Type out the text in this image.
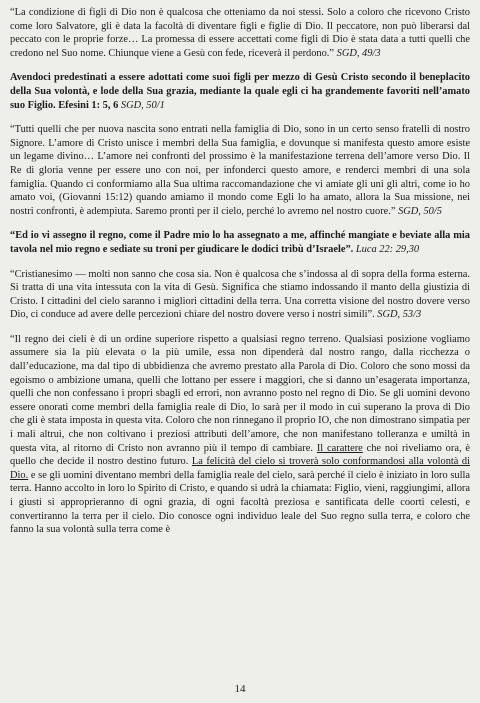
“La condizione di figli di Dio non è qualcosa che otteniamo da noi stessi. Solo a coloro che ricevono Cristo come loro Salvatore, gli è data la facoltà di diventare figli e figlie di Dio. Il peccatore, non può liberarsi dal peccato con le proprie forze… La promessa di essere accettati come figli di Dio è stata data a tutti quelli che credono nel Suo nome. Chiunque viene a Gesù con fede, riceverà il perdono.” SGD, 49/3

Avendoci predestinati a essere adottati come suoi figli per mezzo di Gesù Cristo secondo il beneplacito della Sua volontà, e lode della Sua grazia, mediante la quale egli ci ha grandemente favoriti nell’amato suo Figlio. Efesini 1: 5, 6 SGD, 50/1

“Tutti quelli che per nuova nascita sono entrati nella famiglia di Dio, sono in un certo senso fratelli di nostro Signore. L’amore di Cristo unisce i membri della Sua famiglia, e dovunque si manifesta questo amore esiste un legame divino… L’amore nei confronti del prossimo è la manifestazione terrena dell’amore verso Dio. Il Re di gloria venne per essere uno con noi, per infonderci questo amore, e renderci membri di una sola famiglia. Quando ci conformiamo alla Sua ultima raccomandazione che vi amiate gli uni gli altri, come io ho amato voi, (Giovanni 15:12) quando amiamo il mondo come Egli lo ha amato, allora la Sua missione, nei nostri confronti, è adempiuta. Saremo pronti per il cielo, perché lo avremo nel nostro cuore.” SGD, 50/5

“Ed io vi assegno il regno, come il Padre mio lo ha assegnato a me, affinché mangiate e beviate alla mia tavola nel mio regno e sediate su troni per giudicare le dodici tribù d’Israele”. Luca 22: 29,30

“Cristianesimo — molti non sanno che cosa sia. Non è qualcosa che s’indossa al di sopra della forma esterna. Si tratta di una vita intessuta con la vita di Gesù. Significa che stiamo indossando il manto della giustizia di Cristo. I cittadini del cielo saranno i migliori cittadini della terra. Una corretta visione del nostro dovere verso Dio, ci conduce ad avere delle percezioni chiare del nostro dovere verso i nostri simili”. SGD, 53/3

“Il regno dei cieli è di un ordine superiore rispetto a qualsiasi regno terreno. Qualsiasi posizione vogliamo assumere sia la più elevata o la più umile, essa non dipenderà dal nostro rango, dalla ricchezza o dall’educazione, ma dal tipo di ubbidienza che avremo prestato alla Parola di Dio. Coloro che sono mossi da egoismo o ambizione umana, quelli che lottano per essere i maggiori, che si danno un’esagerata importanza, quelli che non confessano i propri sbagli ed errori, non avranno posto nel regno di Dio. Se gli uomini devono essere onorati come membri della famiglia reale di Dio, lo sarà per il modo in cui superano la prova di Dio che gli è stata imposta in questa vita. Coloro che non rinnegano il proprio IO, che non dimostrano simpatia per i mali altrui, che non coltivano i preziosi attributi dell’amore, che non manifestano tolleranza e umiltà in questa vita, al ritorno di Cristo non avranno più il tempo di cambiare. Il carattere che noi riveliamo ora, è quello che decide il nostro destino futuro. La felicità del cielo si troverà solo conformandosi alla volontà di Dio. e se gli uomini diventano membri della famiglia reale del cielo, sarà perché il cielo è iniziato in loro sulla terra. Hanno accolto in loro lo Spirito di Cristo, e quando si udrà la chiamata: Figlio, vieni, raggiungimi, allora i giusti si approprieranno di ogni grazia, di ogni facoltà preziosa e santificata delle coorti celesti, e convertiranno la terra per il cielo. Dio conosce ogni individuo leale del Suo regno sulla terra, e coloro che fanno la sua volontà sulla terra come è

14
